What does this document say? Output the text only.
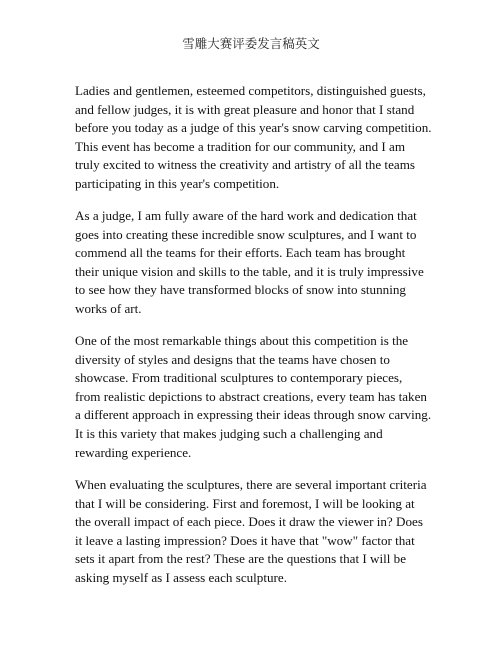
雪雕大赛评委发言稿英文
Ladies and gentlemen, esteemed competitors, distinguished guests,
and fellow judges, it is with great pleasure and honor that I stand
before you today as a judge of this year's snow carving competition.
This event has become a tradition for our community, and I am
truly excited to witness the creativity and artistry of all the teams
participating in this year's competition.
As a judge, I am fully aware of the hard work and dedication that
goes into creating these incredible snow sculptures, and I want to
commend all the teams for their efforts. Each team has brought
their unique vision and skills to the table, and it is truly impressive
to see how they have transformed blocks of snow into stunning
works of art.
One of the most remarkable things about this competition is the
diversity of styles and designs that the teams have chosen to
showcase. From traditional sculptures to contemporary pieces,
from realistic depictions to abstract creations, every team has taken
a different approach in expressing their ideas through snow carving.
It is this variety that makes judging such a challenging and
rewarding experience.
When evaluating the sculptures, there are several important criteria
that I will be considering. First and foremost, I will be looking at
the overall impact of each piece. Does it draw the viewer in? Does
it leave a lasting impression? Does it have that "wow" factor that
sets it apart from the rest? These are the questions that I will be
asking myself as I assess each sculpture.
